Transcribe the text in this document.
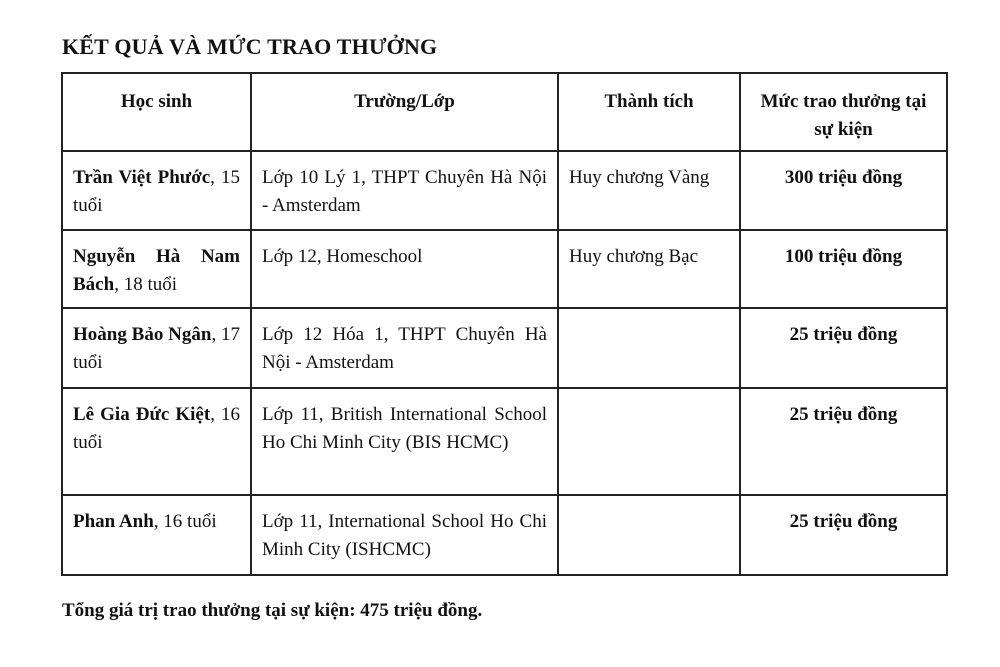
KẾT QUẢ VÀ MỨC TRAO THƯỞNG
Học sinh	Trường/Lớp	Thành tích	Mức trao thưởng tại sự kiện
Trần Việt Phước, 15 tuổi	Lớp 10 Lý 1, THPT Chuyên Hà Nội - Amsterdam	Huy chương Vàng	300 triệu đồng
Nguyễn Hà Nam Bách, 18 tuổi	Lớp 12, Homeschool	Huy chương Bạc	100 triệu đồng
Hoàng Bảo Ngân, 17 tuổi	Lớp 12 Hóa 1, THPT Chuyên Hà Nội - Amsterdam		25 triệu đồng
Lê Gia Đức Kiệt, 16 tuổi	Lớp 11, British International School Ho Chi Minh City (BIS HCMC)		25 triệu đồng
Phan Anh, 16 tuổi	Lớp 11, International School Ho Chi Minh City (ISHCMC)		25 triệu đồng
Tổng giá trị trao thưởng tại sự kiện: 475 triệu đồng.
